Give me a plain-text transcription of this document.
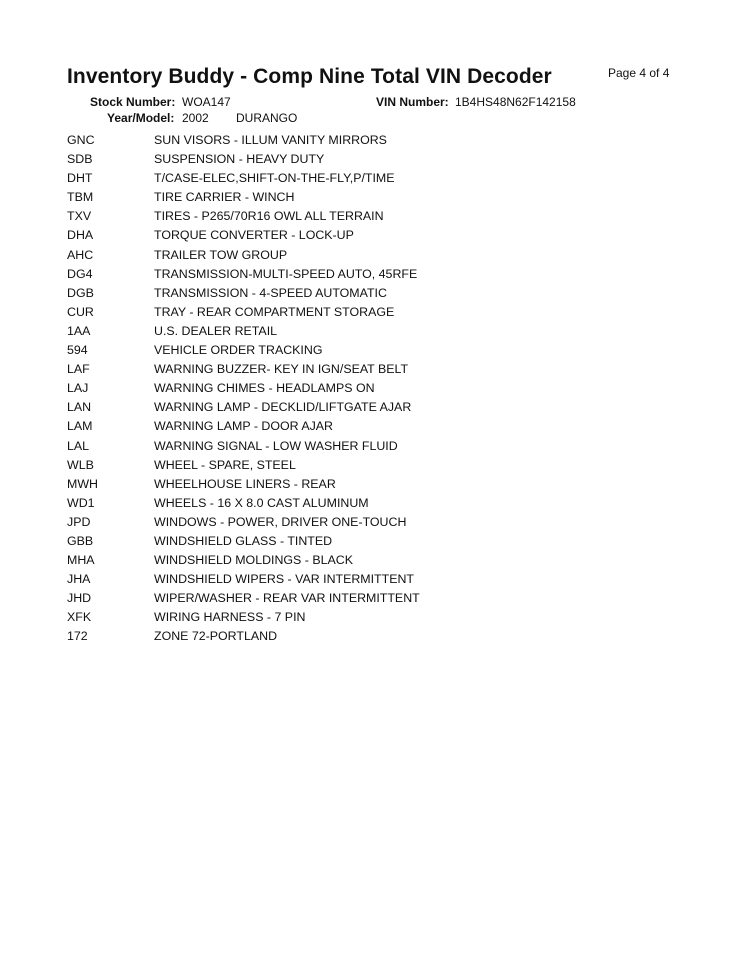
Inventory Buddy - Comp Nine Total VIN Decoder	Page 4 of 4
Stock Number: WOA147	VIN Number: 1B4HS48N62F142158
Year/Model: 2002 DURANGO
GNC	SUN VISORS - ILLUM VANITY MIRRORS
SDB	SUSPENSION - HEAVY DUTY
DHT	T/CASE-ELEC,SHIFT-ON-THE-FLY,P/TIME
TBM	TIRE CARRIER - WINCH
TXV	TIRES - P265/70R16 OWL ALL TERRAIN
DHA	TORQUE CONVERTER - LOCK-UP
AHC	TRAILER TOW GROUP
DG4	TRANSMISSION-MULTI-SPEED AUTO, 45RFE
DGB	TRANSMISSION - 4-SPEED AUTOMATIC
CUR	TRAY - REAR COMPARTMENT STORAGE
1AA	U.S. DEALER RETAIL
594	VEHICLE ORDER TRACKING
LAF	WARNING BUZZER- KEY IN IGN/SEAT BELT
LAJ	WARNING CHIMES - HEADLAMPS ON
LAN	WARNING LAMP - DECKLID/LIFTGATE AJAR
LAM	WARNING LAMP - DOOR AJAR
LAL	WARNING SIGNAL - LOW WASHER FLUID
WLB	WHEEL - SPARE, STEEL
MWH	WHEELHOUSE LINERS - REAR
WD1	WHEELS - 16 X 8.0 CAST ALUMINUM
JPD	WINDOWS - POWER, DRIVER ONE-TOUCH
GBB	WINDSHIELD GLASS - TINTED
MHA	WINDSHIELD MOLDINGS - BLACK
JHA	WINDSHIELD WIPERS - VAR INTERMITTENT
JHD	WIPER/WASHER - REAR VAR INTERMITTENT
XFK	WIRING HARNESS - 7 PIN
172	ZONE 72-PORTLAND
